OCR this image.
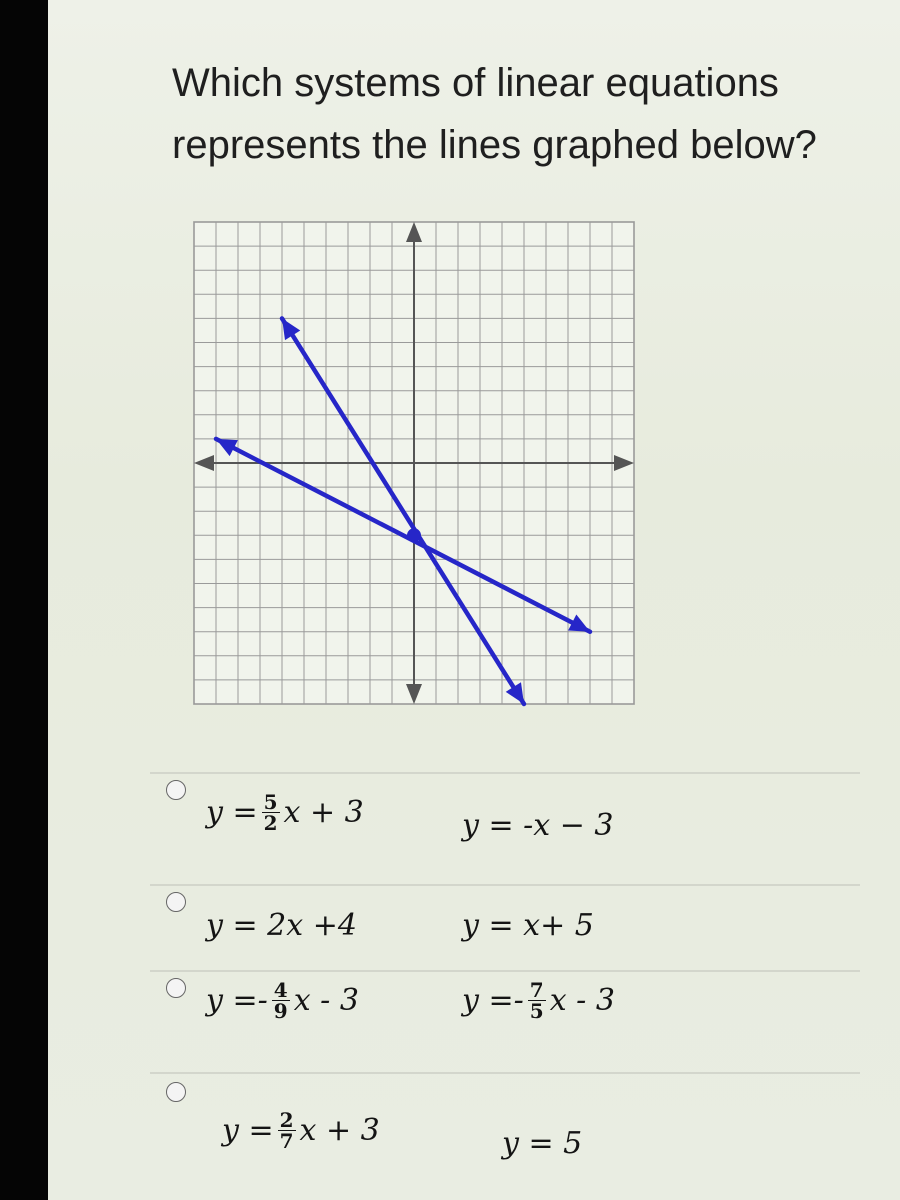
Which systems of linear equations
represents the lines graphed below?
$y = \frac{5}{2}$ x + 3	y = -x − 3
y = 2x +4	y = x+ 5
$y =- \frac{4}{9}$ x - 3	$y =- \frac{7}{5}$ x - 3
$y = \frac{2}{7}$ x + 3	y = 5
